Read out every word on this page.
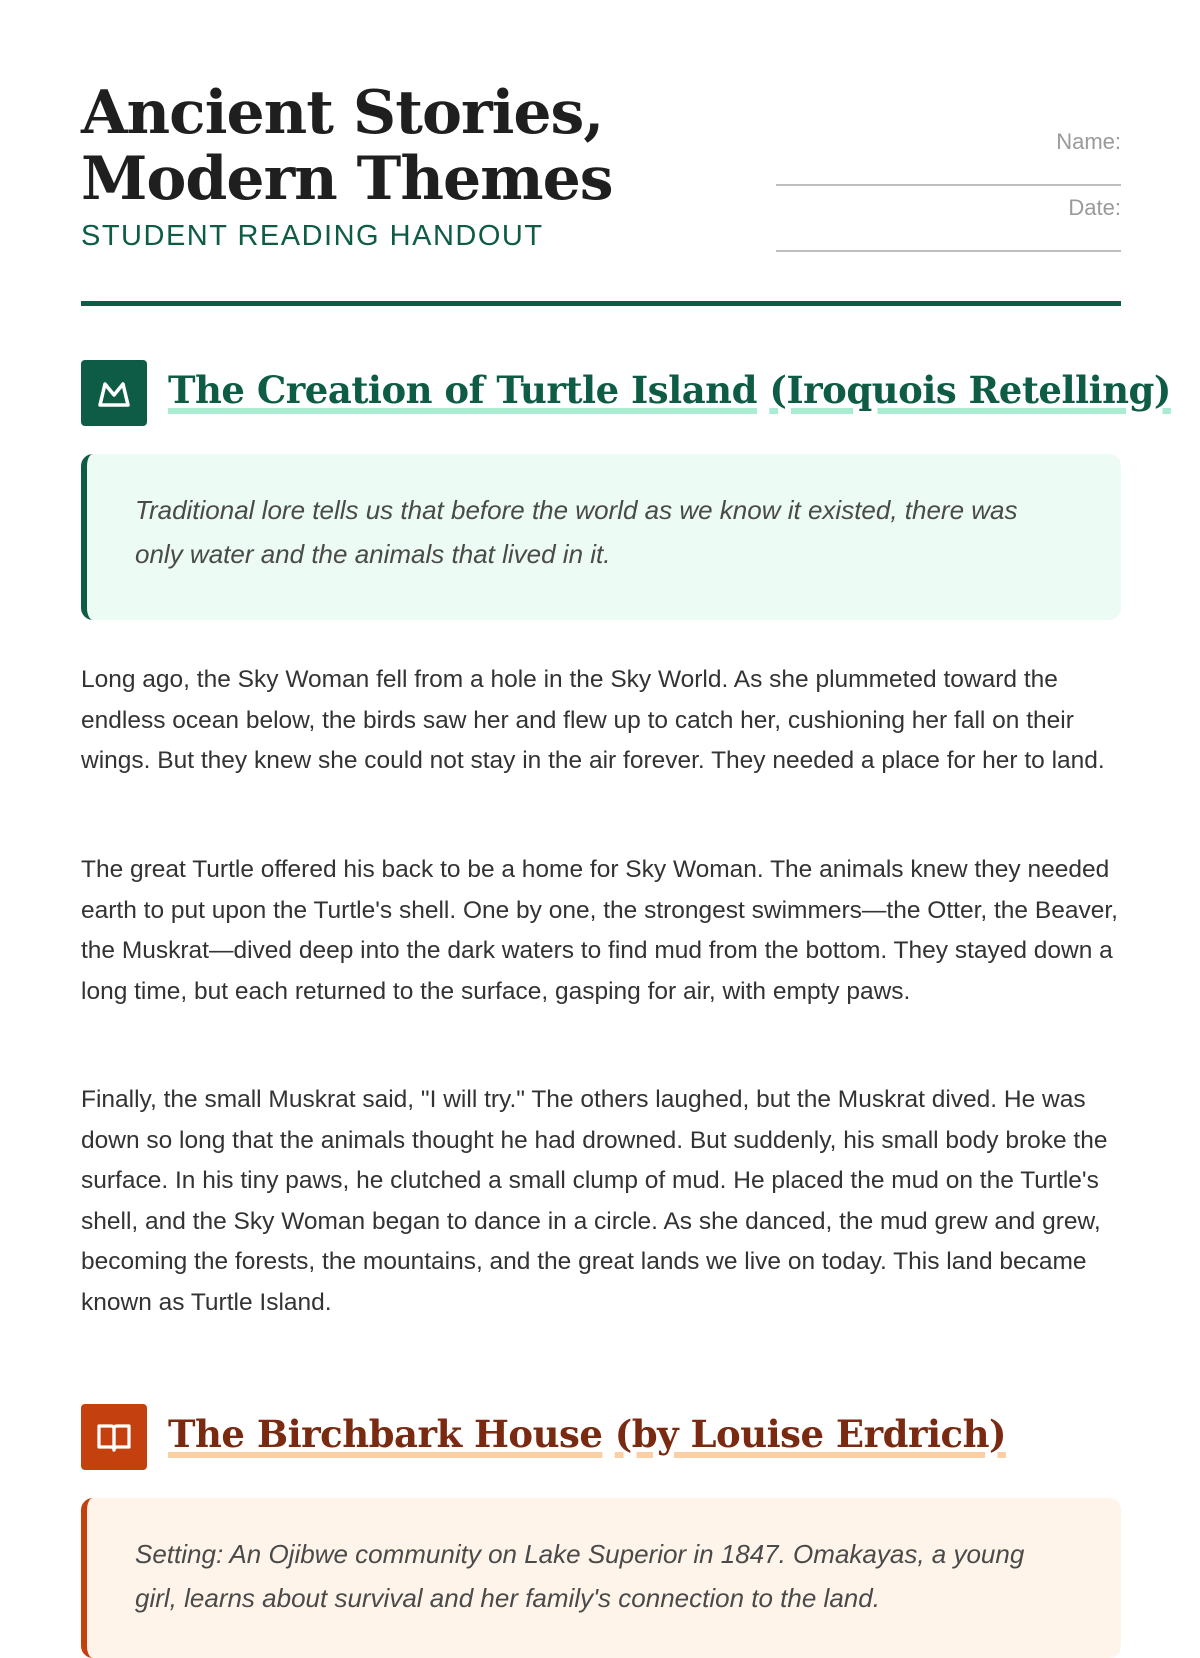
Ancient Stories, Modern Themes
STUDENT READING HANDOUT
Name:
Date:
The Creation of Turtle Island (Iroquois Retelling)
Traditional lore tells us that before the world as we know it existed, there was only water and the animals that lived in it.

Long ago, the Sky Woman fell from a hole in the Sky World. As she plummeted toward the endless ocean below, the birds saw her and flew up to catch her, cushioning her fall on their wings. But they knew she could not stay in the air forever. They needed a place for her to land.

The great Turtle offered his back to be a home for Sky Woman. The animals knew they needed earth to put upon the Turtle's shell. One by one, the strongest swimmers—the Otter, the Beaver, the Muskrat—dived deep into the dark waters to find mud from the bottom. They stayed down a long time, but each returned to the surface, gasping for air, with empty paws.

Finally, the small Muskrat said, "I will try." The others laughed, but the Muskrat dived. He was down so long that the animals thought he had drowned. But suddenly, his small body broke the surface. In his tiny paws, he clutched a small clump of mud. He placed the mud on the Turtle's shell, and the Sky Woman began to dance in a circle. As she danced, the mud grew and grew, becoming the forests, the mountains, and the great lands we live on today. This land became known as Turtle Island.

The Birchbark House (by Louise Erdrich)
Setting: An Ojibwe community on Lake Superior in 1847. Omakayas, a young girl, learns about survival and her family's connection to the land.
